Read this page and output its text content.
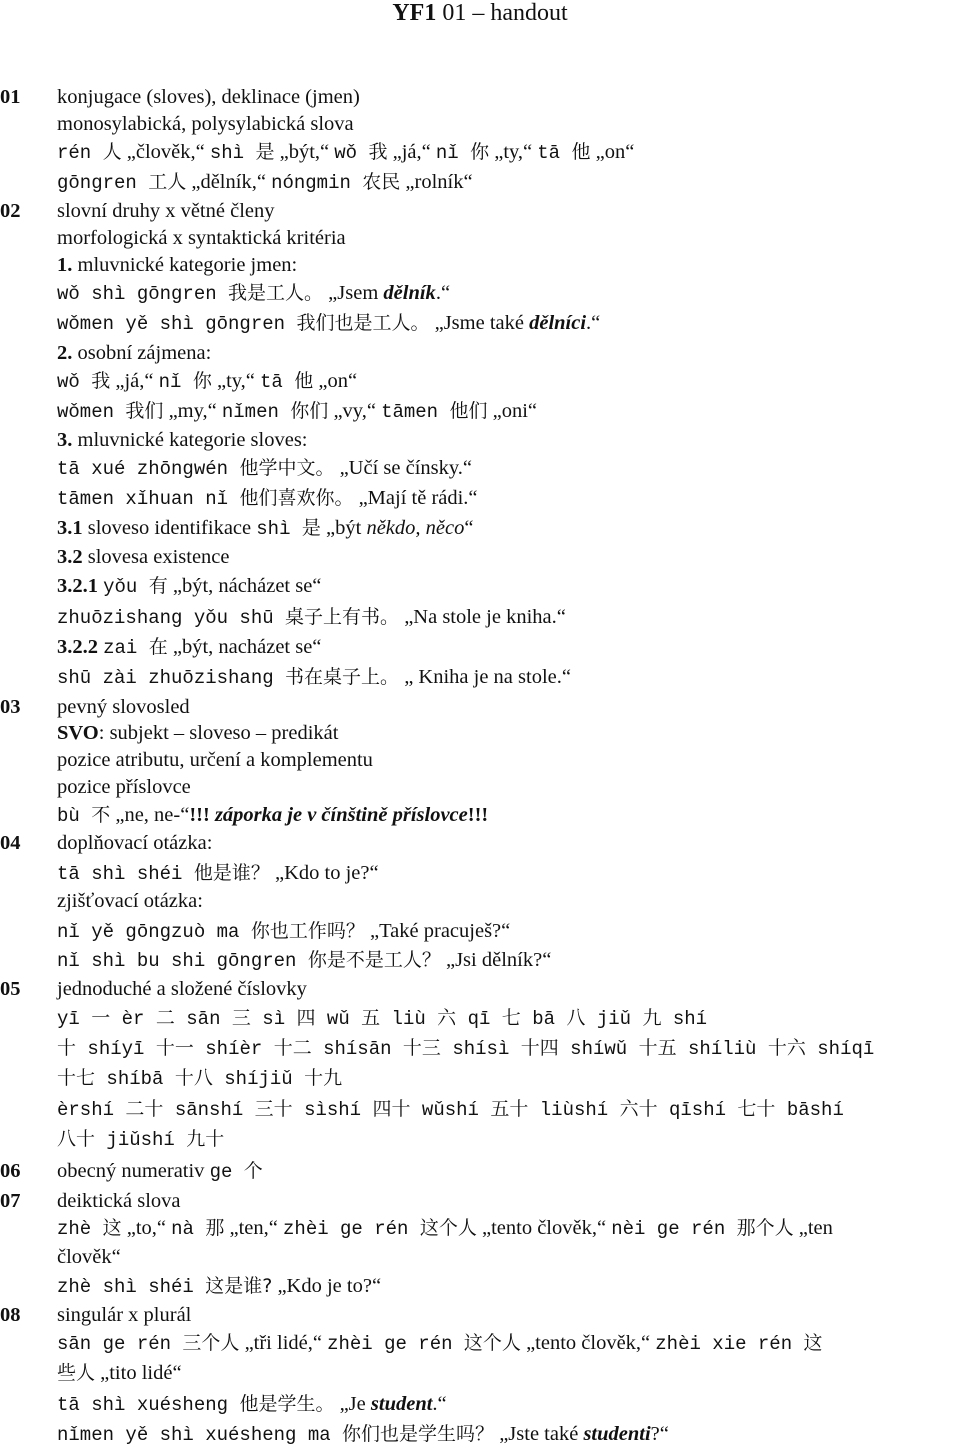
YF1 01 – handout
01
02
03
04
05
06
07
08
konjugace (sloves), deklinace (jmen)
monosylabická, polysylabická slova
rén 人 „člověk,“ shì 是 „být,“ wǒ 我 „já,“ nǐ 你 „ty,“ tā 他 „on“
gōngren 工人 „dělník,“ nóngmin 农民 „rolník“
slovní druhy x větné členy
morfologická x syntaktická kritéria
1. mluvnické kategorie jmen:
wǒ shì gōngren 我是工人。 „Jsem dělník.“
wǒmen yě shì gōngren 我们也是工人。 „Jsme také dělníci.“
2. osobní zájmena:
wǒ 我 „já,“ nǐ 你 „ty,“ tā 他 „on“
wǒmen 我们 „my,“ nǐmen 你们 „vy,“ tāmen 他们 „oni“
3. mluvnické kategorie sloves:
tā xué zhōngwén 他学中文。 „Učí se čínsky.“
tāmen xǐhuan nǐ 他们喜欢你。 „Mají tě rádi.“
3.1 sloveso identifikace shì 是 „být někdo, něco“
3.2 slovesa existence
3.2.1 yǒu 有 „být, nácházet se“
zhuōzishang yǒu shū 桌子上有书。 „Na stole je kniha.“
3.2.2 zai 在 „být, nacházet se“
shū zài zhuōzishang 书在桌子上。 „ Kniha je na stole.“
pevný slovosled
SVO: subjekt – sloveso – predikát
pozice atributu, určení a komplementu
pozice příslovce
bù 不 „ne, ne-“!!! záporka je v čínštině příslovce!!!
doplňovací otázka:
tā shì shéi 他是谁？ „Kdo to je?“
zjišťovací otázka:
nǐ yě gōngzuò ma 你也工作吗？ „Také pracuješ?“
nǐ shì bu shi gōngren 你是不是工人？ „Jsi dělník?“
jednoduché a složené číslovky
yī 一 èr 二 sān 三 sì 四 wǔ 五 liù 六 qī 七 bā 八 jiǔ 九 shí
十 shíyī 十一 shíèr 十二 shísān 十三 shísì 十四 shíwǔ 十五 shíliù 十六 shíqī
十七 shíbā 十八 shíjiǔ 十九
èrshí 二十 sānshí 三十 sìshí 四十 wǔshí 五十 liùshí 六十 qīshí 七十 bāshí
八十 jiǔshí 九十
obecný numerativ ge 个
deiktická slova
zhè 这 „to,“ nà 那 „ten,“ zhèi ge rén 这个人 „tento člověk,“ nèi ge rén 那个人 „ten
člověk“
zhè shì shéi 这是谁? „Kdo je to?“
singulár x plurál
sān ge rén 三个人 „tři lidé,“ zhèi ge rén 这个人 „tento člověk,“ zhèi xie rén 这
些人 „tito lidé“
tā shì xuésheng 他是学生。 „Je student.“
nǐmen yě shì xuésheng ma 你们也是学生吗？ „Jste také studenti?“
